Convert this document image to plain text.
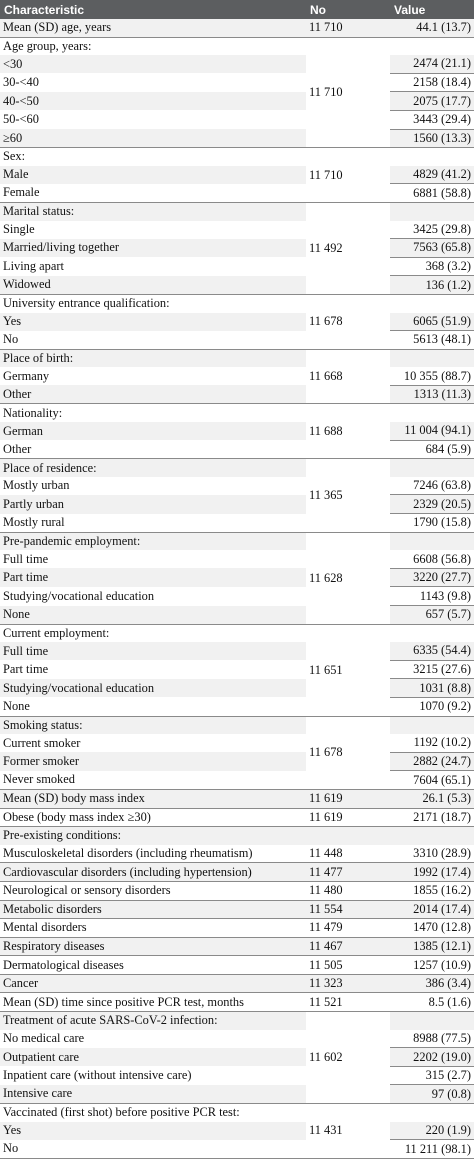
Characteristic	No	Value
Mean (SD) age, years	11 710	44.1 (13.7)
Age group, years:	11 710	
<30		2474 (21.1)
30-<40		2158 (18.4)
40-<50		2075 (17.7)
50-<60		3443 (29.4)
≥60		1560 (13.3)
Sex:	11 710	
Male		4829 (41.2)
Female		6881 (58.8)
Marital status:	11 492	
Single		3425 (29.8)
Married/living together		7563 (65.8)
Living apart		368 (3.2)
Widowed		136 (1.2)
University entrance qualification:	11 678	
Yes		6065 (51.9)
No		5613 (48.1)
Place of birth:	11 668	
Germany		10 355 (88.7)
Other		1313 (11.3)
Nationality:	11 688	
German		11 004 (94.1)
Other		684 (5.9)
Place of residence:	11 365	
Mostly urban		7246 (63.8)
Partly urban		2329 (20.5)
Mostly rural		1790 (15.8)
Pre-pandemic employment:	11 628	
Full time		6608 (56.8)
Part time		3220 (27.7)
Studying/vocational education		1143 (9.8)
None		657 (5.7)
Current employment:	11 651	
Full time		6335 (54.4)
Part time		3215 (27.6)
Studying/vocational education		1031 (8.8)
None		1070 (9.2)
Smoking status:	11 678	
Current smoker		1192 (10.2)
Former smoker		2882 (24.7)
Never smoked		7604 (65.1)
Mean (SD) body mass index	11 619	26.1 (5.3)
Obese (body mass index ≥30)	11 619	2171 (18.7)
Pre-existing conditions:		
Musculoskeletal disorders (including rheumatism)	11 448	3310 (28.9)
Cardiovascular disorders (including hypertension)	11 477	1992 (17.4)
Neurological or sensory disorders	11 480	1855 (16.2)
Metabolic disorders	11 554	2014 (17.4)
Mental disorders	11 479	1470 (12.8)
Respiratory diseases	11 467	1385 (12.1)
Dermatological diseases	11 505	1257 (10.9)
Cancer	11 323	386 (3.4)
Mean (SD) time since positive PCR test, months	11 521	8.5 (1.6)
Treatment of acute SARS-CoV-2 infection:	11 602	
No medical care		8988 (77.5)
Outpatient care		2202 (19.0)
Inpatient care (without intensive care)		315 (2.7)
Intensive care		97 (0.8)
Vaccinated (first shot) before positive PCR test:	11 431	
Yes		220 (1.9)
No		11 211 (98.1)
